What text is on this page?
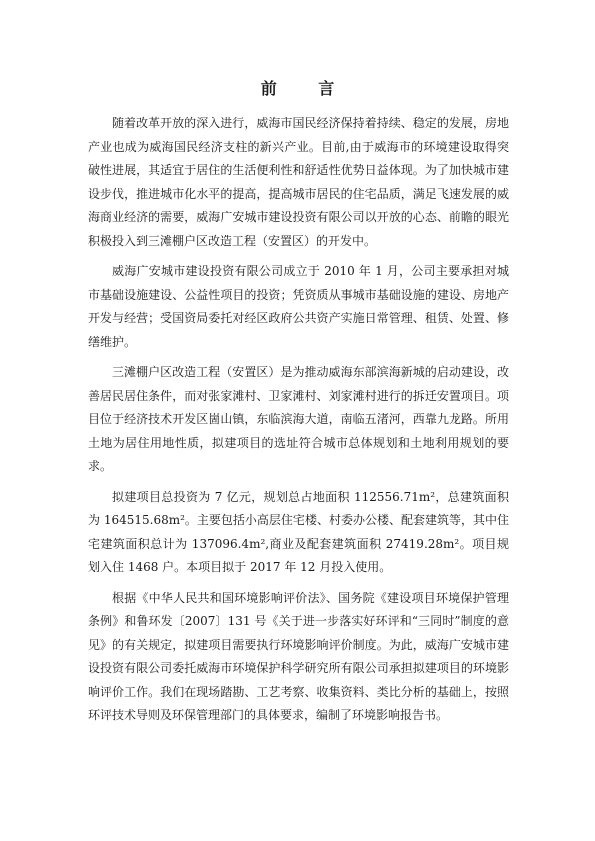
前 言

随着改革开放的深入进行，威海市国民经济保持着持续、稳定的发展，房地产业也成为威海国民经济支柱的新兴产业。目前,由于威海市的环境建设取得突破性进展，其适宜于居住的生活便利性和舒适性优势日益体现。为了加快城市建设步伐，推进城市化水平的提高，提高城市居民的住宅品质，满足飞速发展的威海商业经济的需要，威海广安城市建设投资有限公司以开放的心态、前瞻的眼光积极投入到三滩棚户区改造工程（安置区）的开发中。

威海广安城市建设投资有限公司成立于 2010 年 1 月，公司主要承担对城市基础设施建设、公益性项目的投资；凭资质从事城市基础设施的建设、房地产开发与经营；受国资局委托对经区政府公共资产实施日常管理、租赁、处置、修缮维护。

三滩棚户区改造工程（安置区）是为推动威海东部滨海新城的启动建设，改善居民居住条件，而对张家滩村、卫家滩村、刘家滩村进行的拆迁安置项目。项目位于经济技术开发区崮山镇，东临滨海大道，南临五渚河，西靠九龙路。所用土地为居住用地性质，拟建项目的选址符合城市总体规划和土地利用规划的要求。

拟建项目总投资为 7 亿元，规划总占地面积 112556.71m²，总建筑面积为 164515.68m²。主要包括小高层住宅楼、村委办公楼、配套建筑等，其中住宅建筑面积总计为 137096.4m²,商业及配套建筑面积 27419.28m²。项目规划入住 1468 户。本项目拟于 2017 年 12 月投入使用。

根据《中华人民共和国环境影响评价法》、国务院《建设项目环境保护管理条例》和鲁环发〔2007〕131 号《关于进一步落实好环评和“三同时”制度的意见》的有关规定，拟建项目需要执行环境影响评价制度。为此，威海广安城市建设投资有限公司委托威海市环境保护科学研究所有限公司承担拟建项目的环境影响评价工作。我们在现场踏勘、工艺考察、收集资料、类比分析的基础上，按照环评技术导则及环保管理部门的具体要求，编制了环境影响报告书。
